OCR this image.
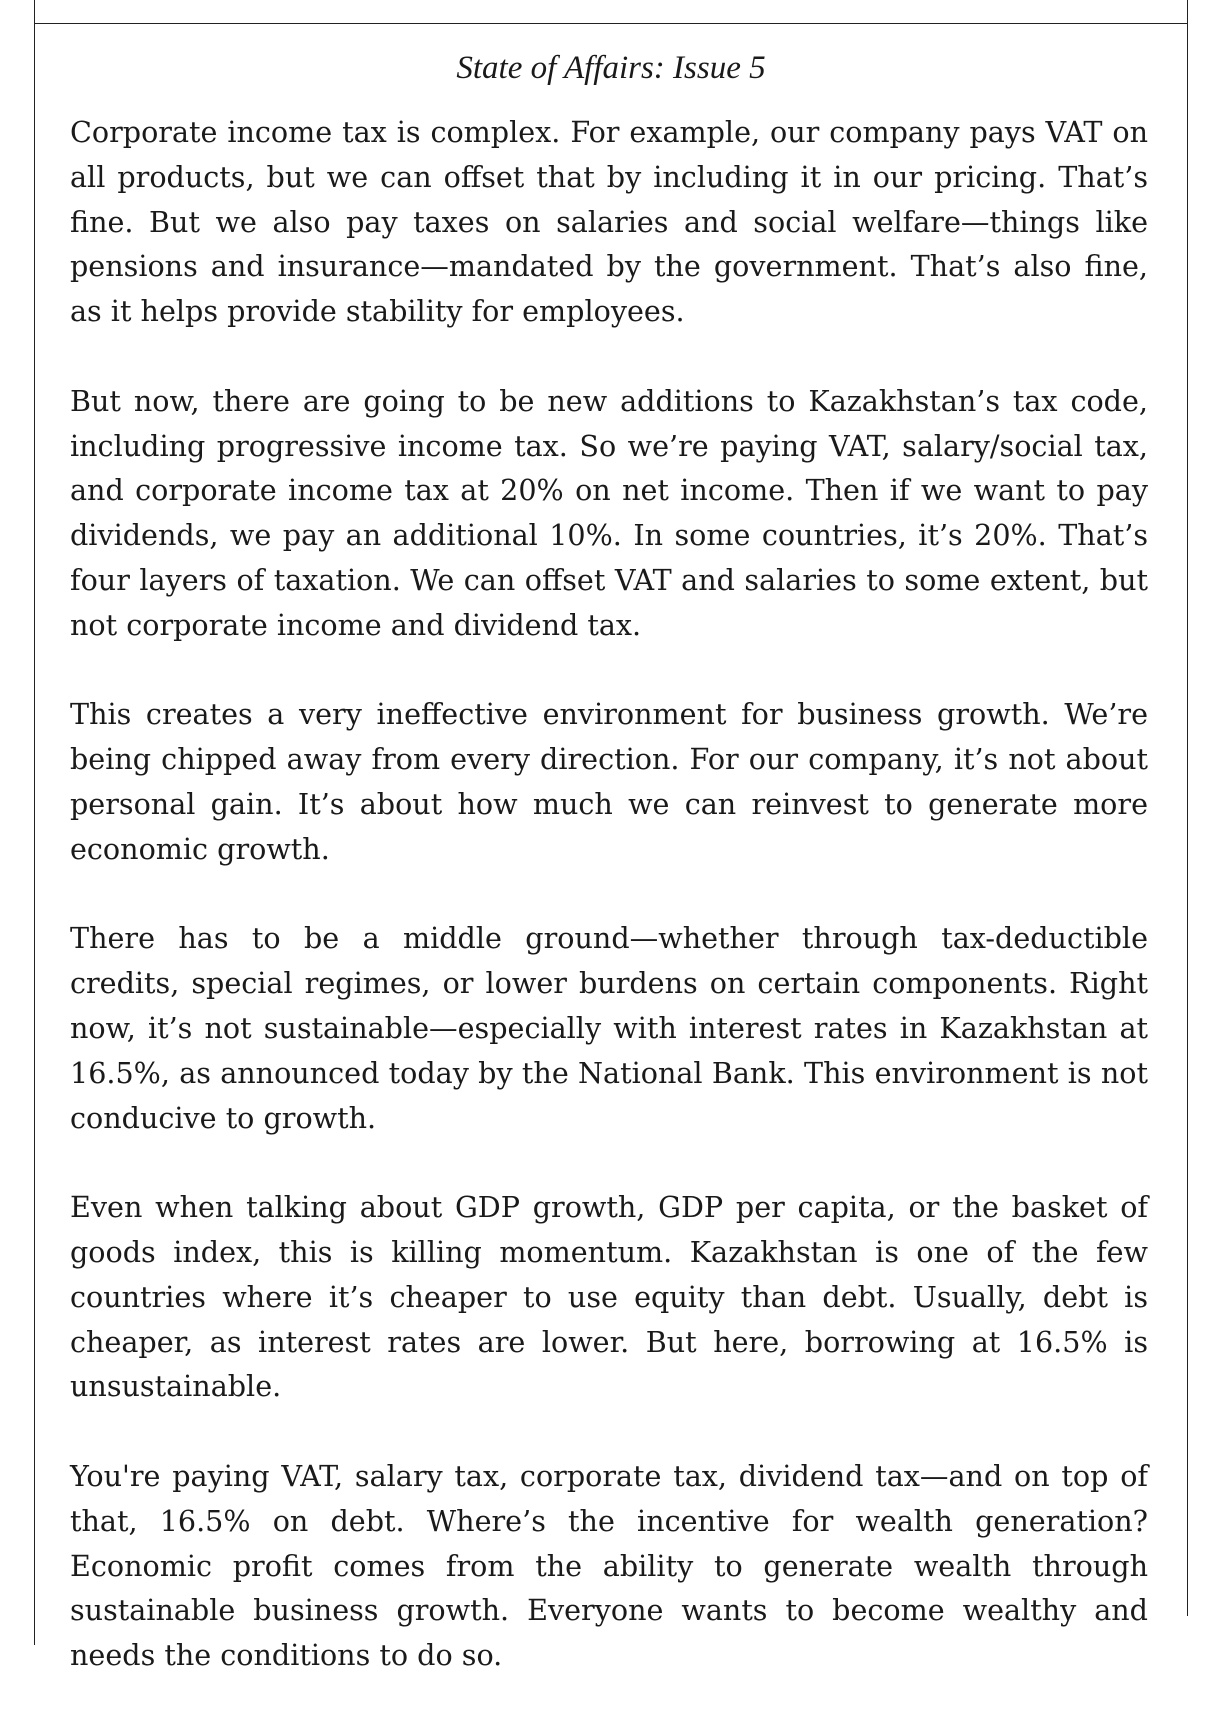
State of Affairs: Issue 5

Corporate income tax is complex. For example, our company pays VAT on all products, but we can offset that by including it in our pricing. That’s fine. But we also pay taxes on salaries and social welfare—things like pensions and insurance—mandated by the government. That’s also fine, as it helps provide stability for employees.

But now, there are going to be new additions to Kazakhstan’s tax code, including progressive income tax. So we’re paying VAT, salary/social tax, and corporate income tax at 20% on net income. Then if we want to pay dividends, we pay an additional 10%. In some countries, it’s 20%. That’s four layers of taxation. We can offset VAT and salaries to some extent, but not corporate income and dividend tax.

This creates a very ineffective environment for business growth. We’re being chipped away from every direction. For our company, it’s not about personal gain. It’s about how much we can reinvest to generate more economic growth.

There has to be a middle ground—whether through tax-deductible credits, special regimes, or lower burdens on certain components. Right now, it’s not sustainable—especially with interest rates in Kazakhstan at 16.5%, as announced today by the National Bank. This environment is not conducive to growth.

Even when talking about GDP growth, GDP per capita, or the basket of goods index, this is killing momentum. Kazakhstan is one of the few countries where it’s cheaper to use equity than debt. Usually, debt is cheaper, as interest rates are lower. But here, borrowing at 16.5% is unsustainable.

You're paying VAT, salary tax, corporate tax, dividend tax—and on top of that, 16.5% on debt. Where’s the incentive for wealth generation? Economic profit comes from the ability to generate wealth through sustainable business growth. Everyone wants to become wealthy and needs the conditions to do so.
